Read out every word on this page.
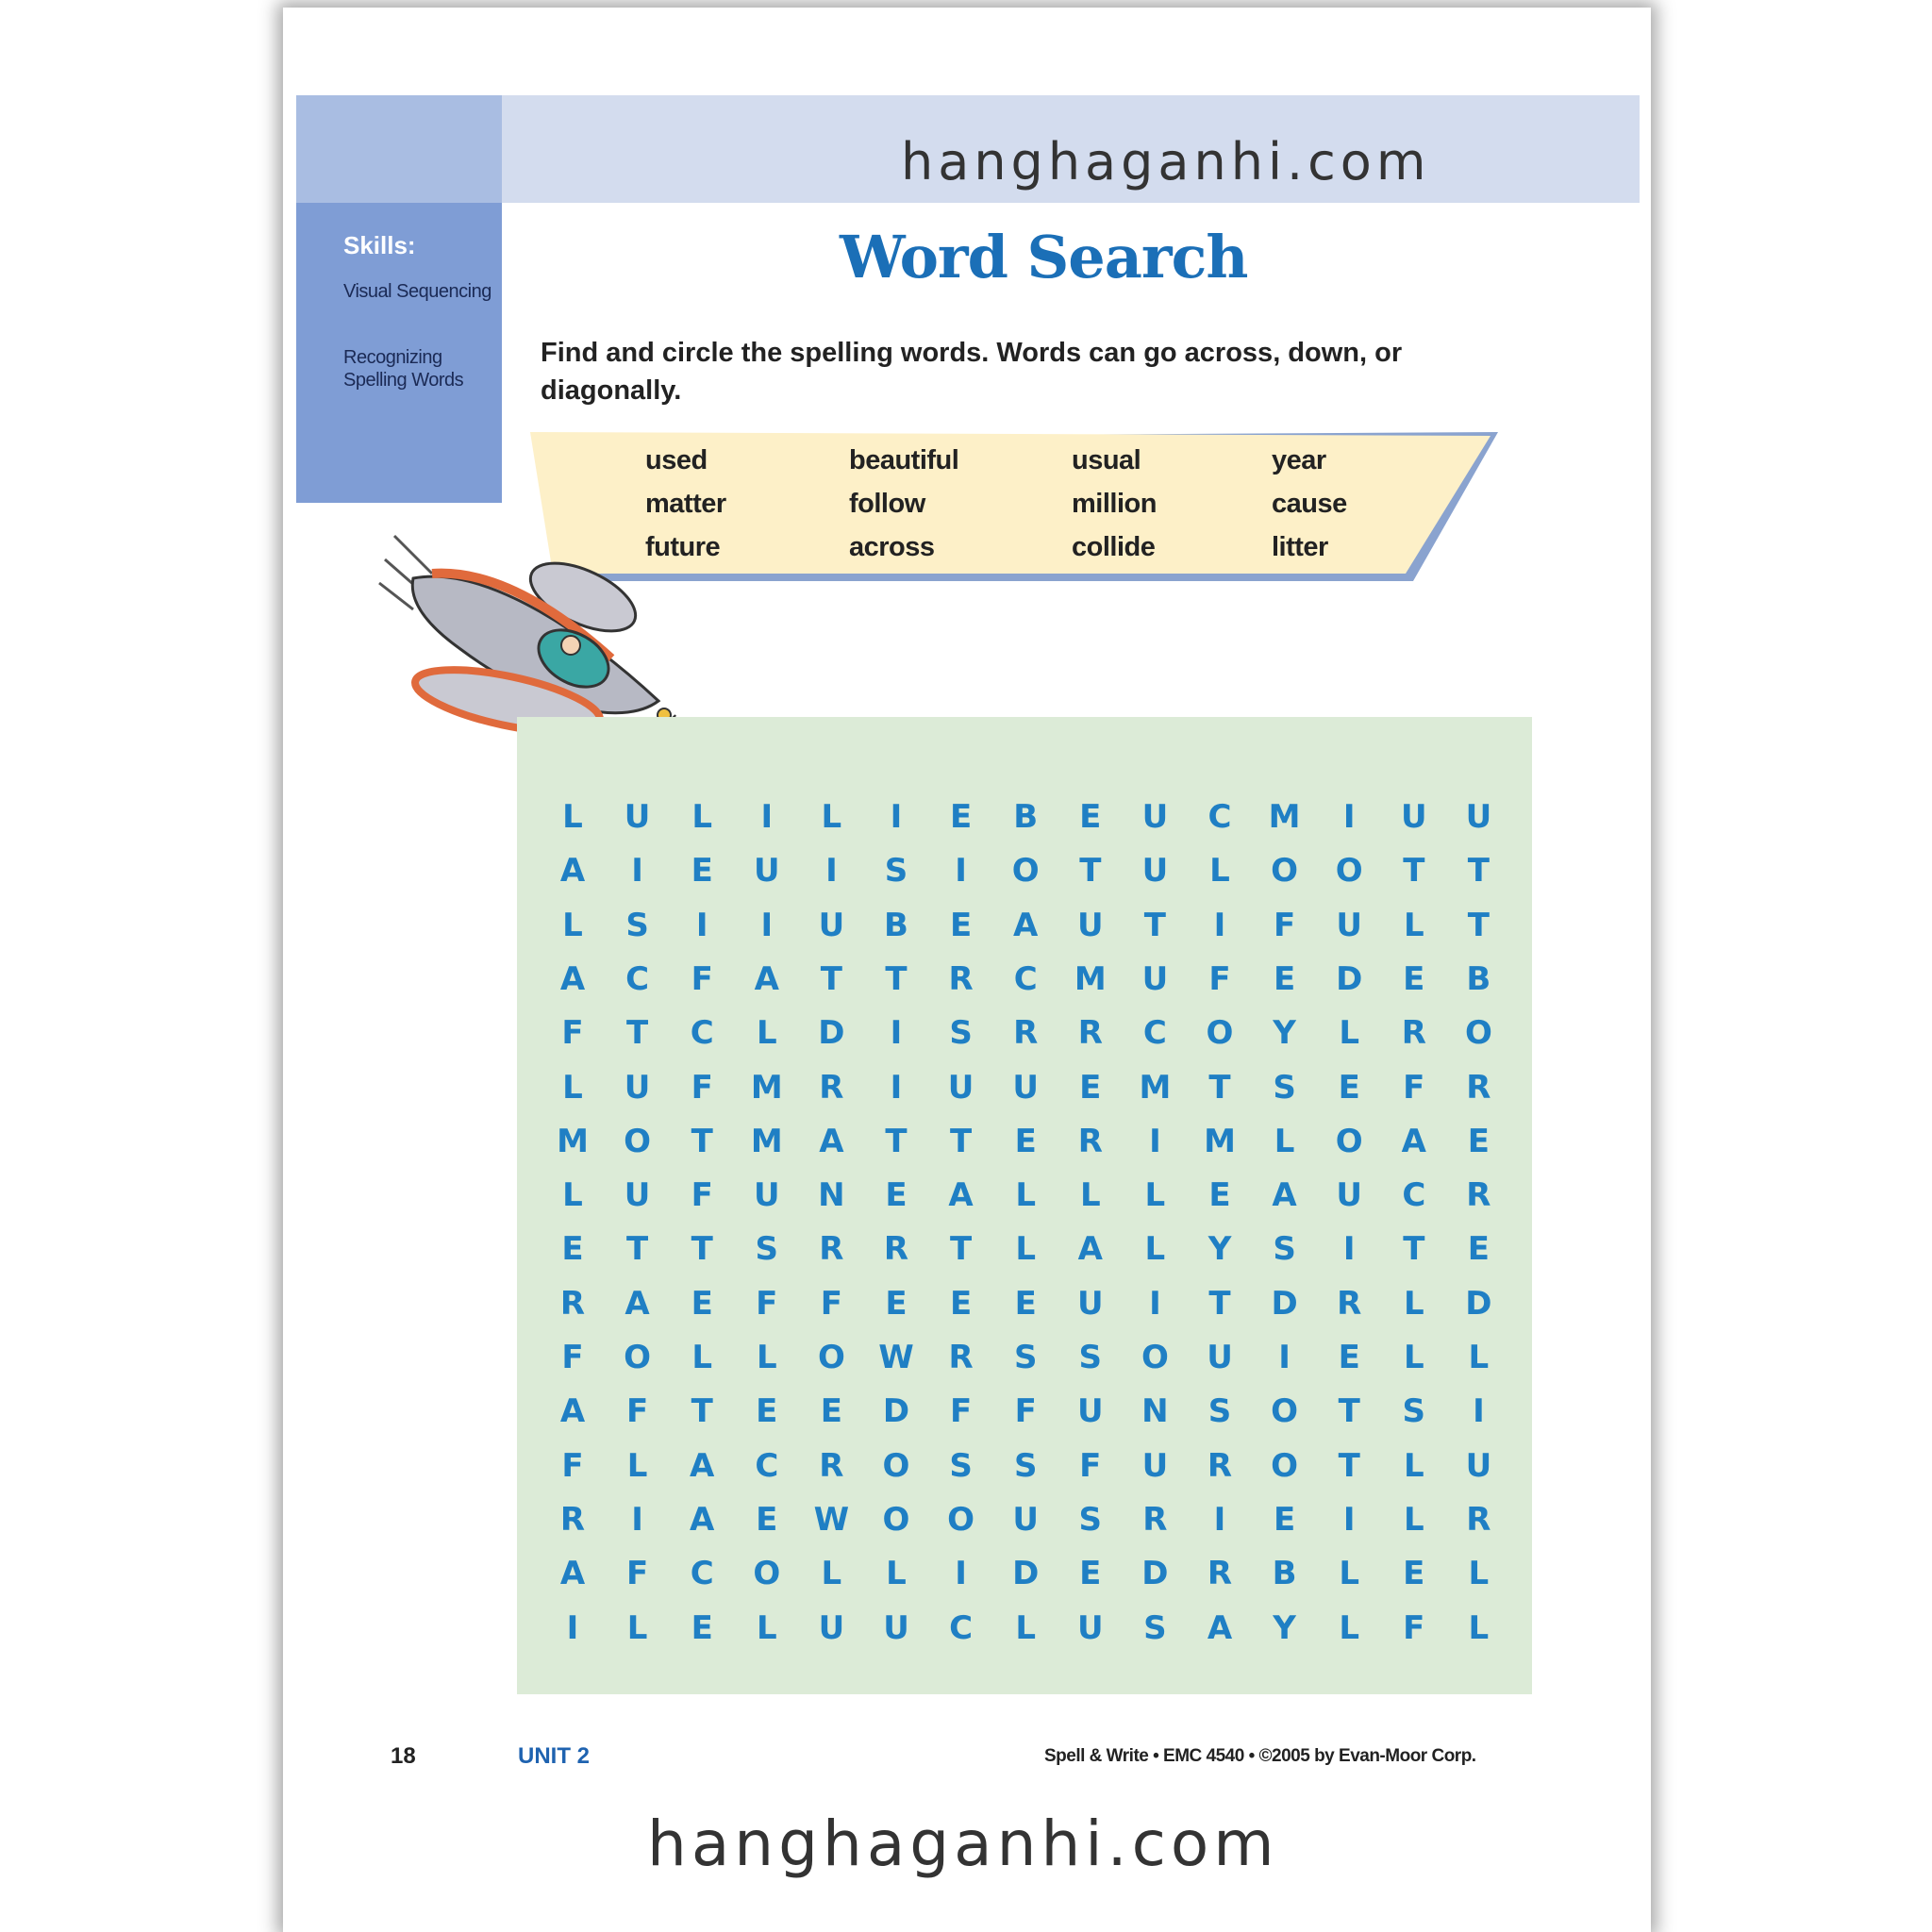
hanghaganhi.com
Skills:
Visual Sequencing
Recognizing Spelling Words
Word Search
Find and circle the spelling words. Words can go across, down, or diagonally.
used	beautiful	usual	year
matter	follow	million	cause
future	across	collide	litter
L U L	I	L	I	E B E U C M	I	U U
A	I	E U	I	S	I	O T U L O O T T
L S	I	I	U B E A U T	I	F U L T
A C F A T T R C M U F E D E B
F T C L D	I	S R R C O Y L R O
L U F M R	I	U U E M T S E F R
M O T M A T T E R	I	M L O A E
L U F U N E A L L L E A U C R
E T T S R R T L A L Y S	I	T E
R A E F F E E E U	I	T D R L D
F O L L O W R S S O U	I	E L L
A F T E E D F F U N S O T S	I
F L A C R O S S F U R O T L U
R	I	A E W O O U S R	I	E	I	L R
A F C O L L	I	D E D R B L E L
I	L E L U U C L U S A Y L F L
18	UNIT 2	Spell & Write • EMC 4540 • ©2005 by Evan-Moor Corp.
hanghaganhi.com
